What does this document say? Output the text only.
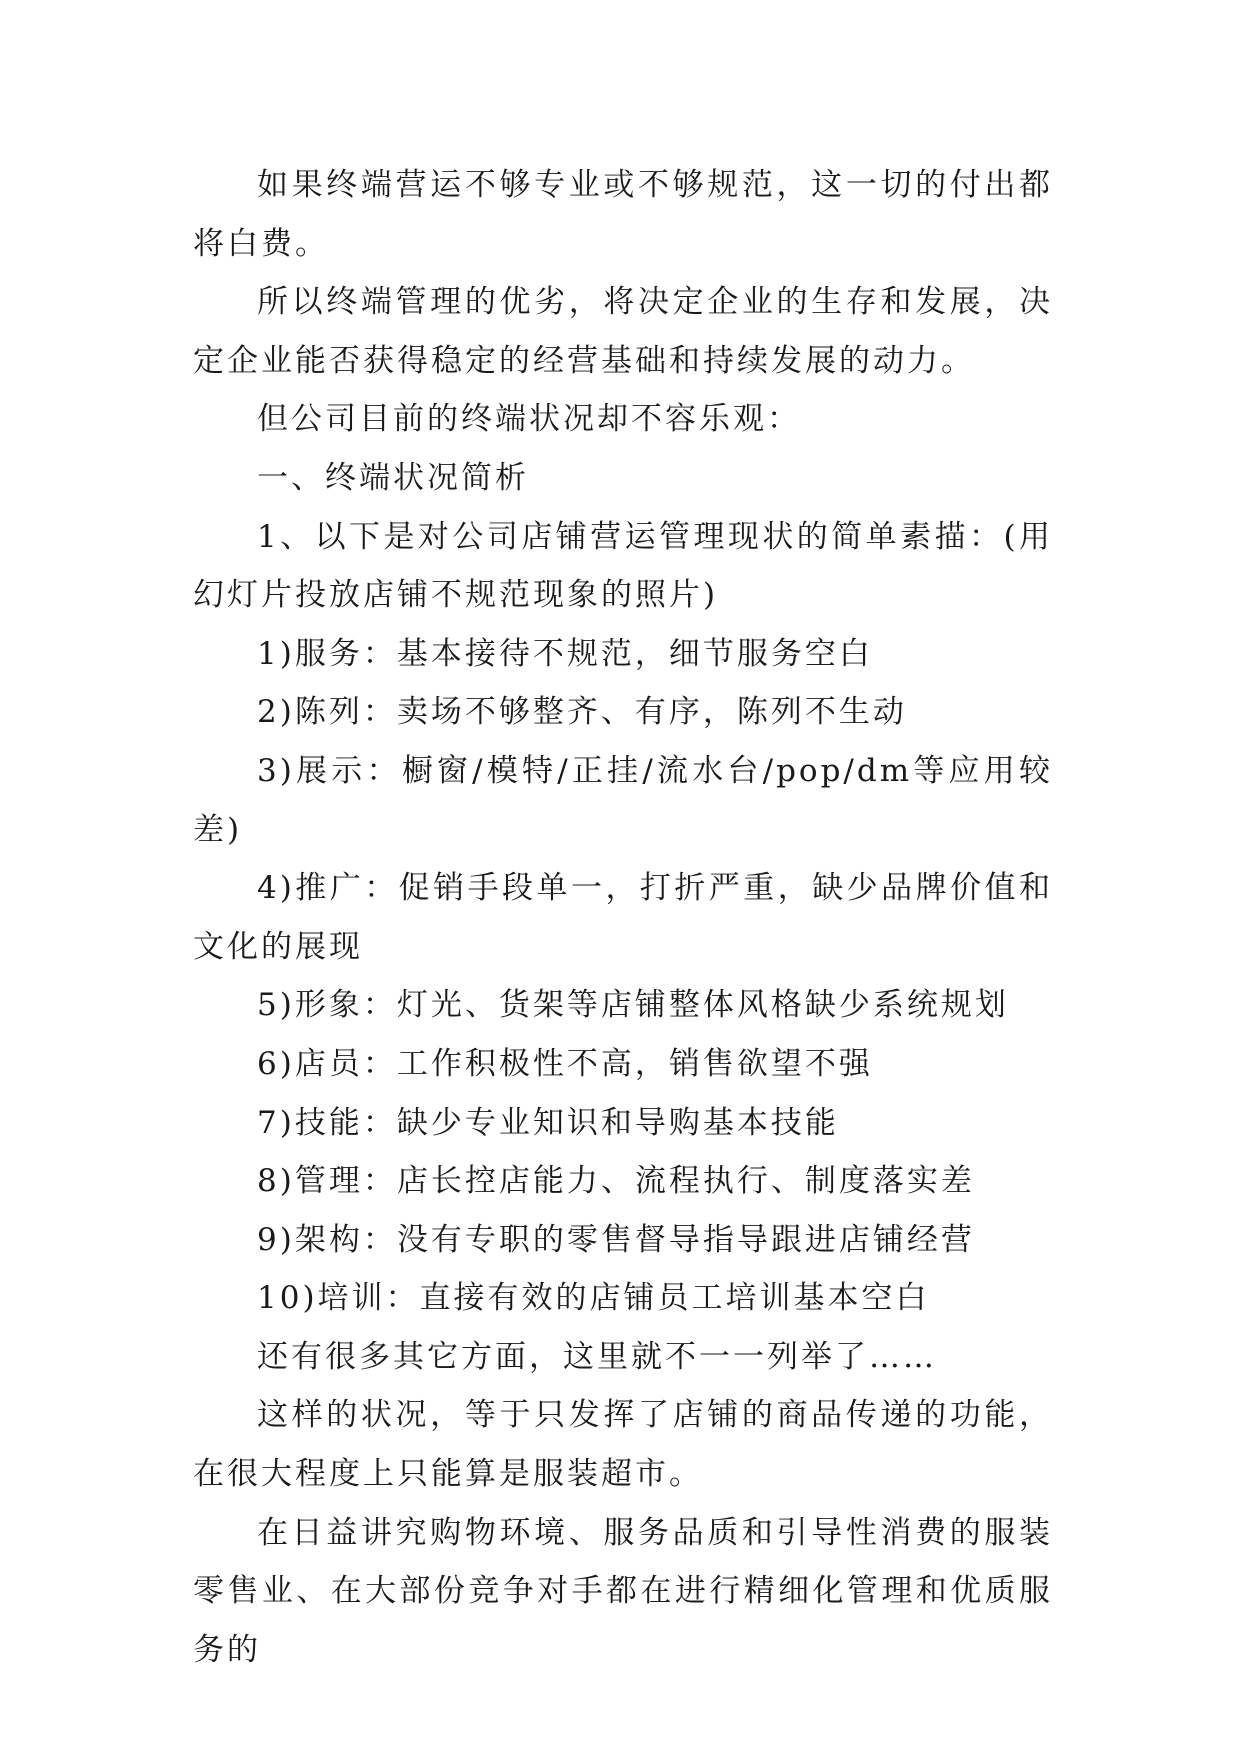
如果终端营运不够专业或不够规范，这一切的付出都将白费。

所以终端管理的优劣，将决定企业的生存和发展，决定企业能否获得稳定的经营基础和持续发展的动力。

但公司目前的终端状况却不容乐观：

一、终端状况简析

1、以下是对公司店铺营运管理现状的简单素描：(用幻灯片投放店铺不规范现象的照片)

1)服务：基本接待不规范，细节服务空白

2)陈列：卖场不够整齐、有序，陈列不生动

3)展示：橱窗/模特/正挂/流水台/pop/dm等应用较差)

4)推广：促销手段单一，打折严重，缺少品牌价值和文化的展现

5)形象：灯光、货架等店铺整体风格缺少系统规划

6)店员：工作积极性不高，销售欲望不强

7)技能：缺少专业知识和导购基本技能

8)管理：店长控店能力、流程执行、制度落实差

9)架构：没有专职的零售督导指导跟进店铺经营

10)培训：直接有效的店铺员工培训基本空白

还有很多其它方面，这里就不一一列举了……

这样的状况，等于只发挥了店铺的商品传递的功能，在很大程度上只能算是服装超市。

在日益讲究购物环境、服务品质和引导性消费的服装零售业、在大部份竞争对手都在进行精细化管理和优质服务的
